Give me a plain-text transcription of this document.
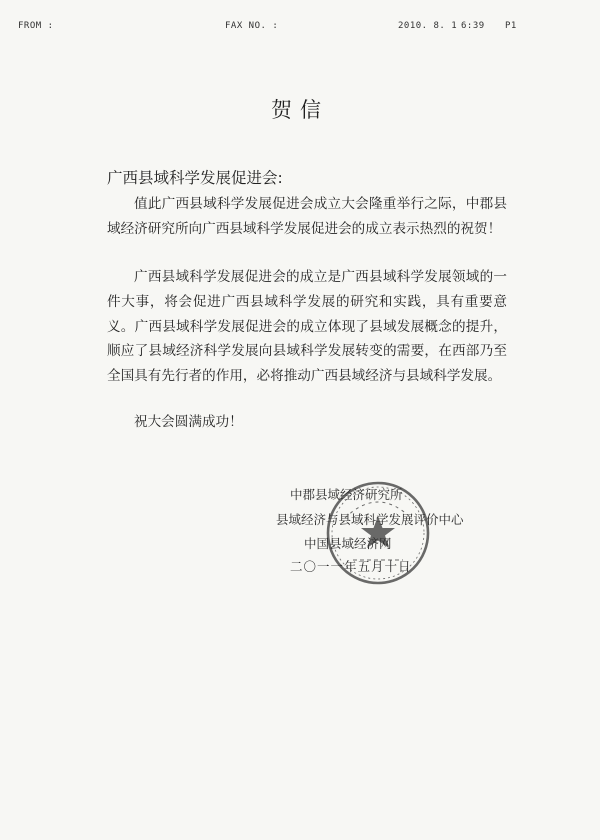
FROM :	FAX NO. :	2010. 8. 1 6:39 P1
贺信
广西县域科学发展促进会:
值此广西县域科学发展促进会成立大会隆重举行之际，中郡县域经济研究所向广西县域科学发展促进会的成立表示热烈的祝贺！
广西县域科学发展促进会的成立是广西县域科学发展领域的一件大事，将会促进广西县域科学发展的研究和实践，具有重要意义。广西县域科学发展促进会的成立体现了县域发展概念的提升，顺应了县域经济科学发展向县域科学发展转变的需要，在西部乃至全国具有先行者的作用，必将推动广西县域经济与县域科学发展。
祝大会圆满成功！
中郡县域经济研究所
县域经济与县域科学发展评价中心
中国县域经济网
二〇一一年五月十日
